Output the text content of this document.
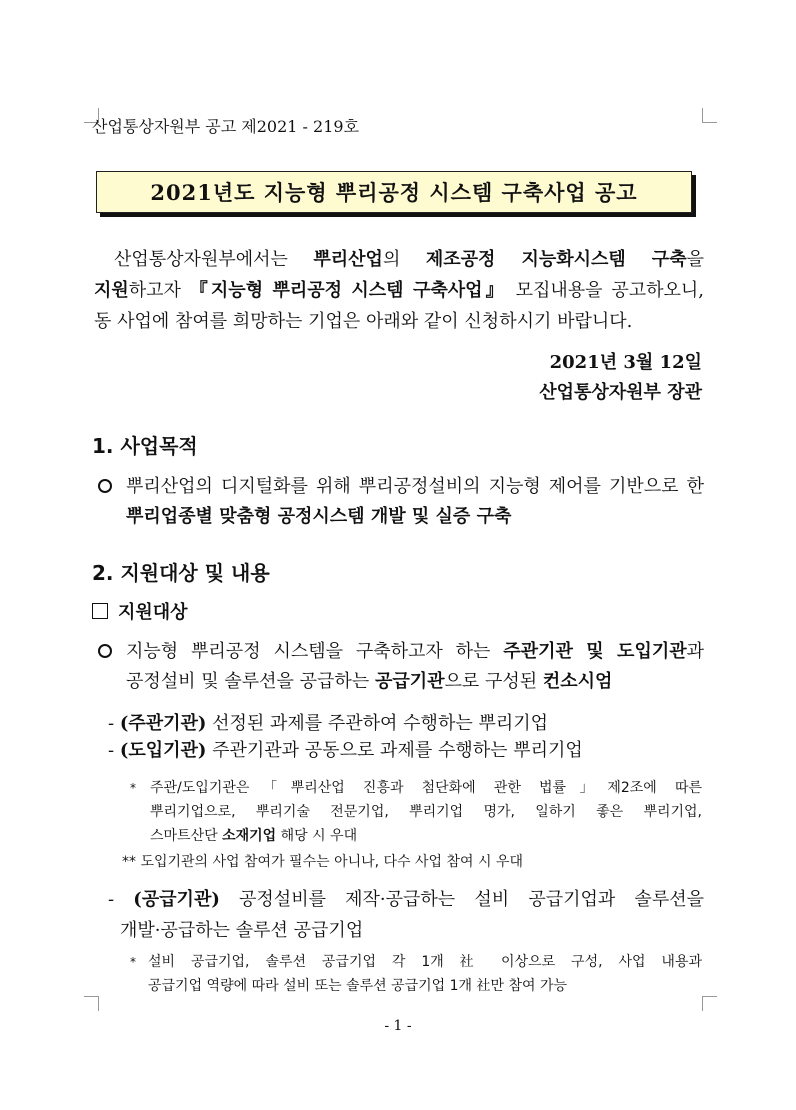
산업통상자원부 공고 제2021 - 219호
2021년도 지능형 뿌리공정 시스템 구축사업 공고

산업통상자원부에서는 뿌리산업의 제조공정 지능화시스템 구축을

지원하고자 『지능형 뿌리공정 시스템 구축사업』 모집내용을 공고하오니,

동 사업에 참여를 희망하는 기업은 아래와 같이 신청하시기 바랍니다.

2021년 3월 12일
산업통상자원부 장관
1. 사업목적

뿌리산업의 디지털화를 위해 뿌리공정설비의 지능형 제어를 기반으로 한

뿌리업종별 맞춤형 공정시스템 개발 및 실증 구축

2. 지원대상 및 내용
지원대상

지능형 뿌리공정 시스템을 구축하고자 하는 주관기관 및 도입기관과

공정설비 및 솔루션을 공급하는 공급기관으로 구성된 컨소시엄

- (주관기관) 선정된 과제를 주관하여 수행하는 뿌리기업

- (도입기관) 주관기관과 공동으로 과제를 수행하는 뿌리기업

* 주관/도입기관은「뿌리산업 진흥과 첨단화에 관한 법률」제2조에 따른

뿌리기업으로, 뿌리기술 전문기업, 뿌리기업 명가, 일하기 좋은 뿌리기업,

스마트산단 소재기업 해당 시 우대

** 도입기관의 사업 참여가 필수는 아니나, 다수 사업 참여 시 우대

- (공급기관) 공정설비를 제작·공급하는 설비 공급기업과 솔루션을

개발·공급하는 솔루션 공급기업

* 설비 공급기업, 솔루션 공급기업 각 1개 社 이상으로 구성, 사업 내용과

공급기업 역량에 따라 설비 또는 솔루션 공급기업 1개 社만 참여 가능

- 1 -
